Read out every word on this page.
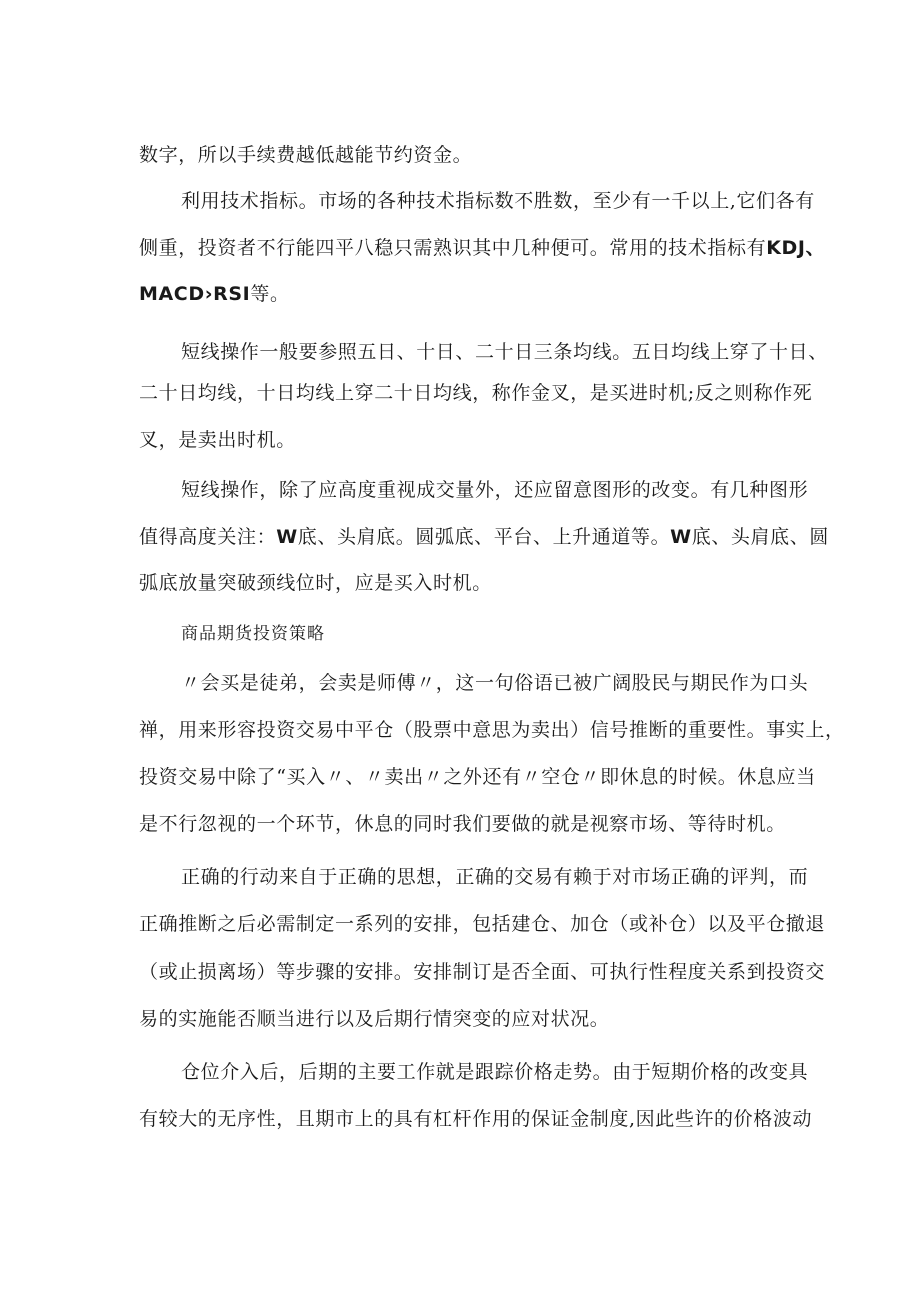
数字，所以手续费越低越能节约资金。
利用技术指标。市场的各种技术指标数不胜数，至少有一千以上,它们各有
侧重，投资者不行能四平八稳只需熟识其中几种便可。常用的技术指标有KDJ、
MACD›RSI等。
短线操作一般要参照五日、十日、二十日三条均线。五日均线上穿了十日、
二十日均线，十日均线上穿二十日均线，称作金叉，是买进时机;反之则称作死
叉，是卖出时机。
短线操作，除了应高度重视成交量外，还应留意图形的改变。有几种图形
值得高度关注：W底、头肩底。圆弧底、平台、上升通道等。W底、头肩底、圆
弧底放量突破颈线位时，应是买入时机。
商品期货投资策略
〃会买是徒弟，会卖是师傅〃，这一句俗语已被广阔股民与期民作为口头
禅，用来形容投资交易中平仓（股票中意思为卖出）信号推断的重要性。事实上，
投资交易中除了“买入〃、〃卖出〃之外还有〃空仓〃即休息的时候。休息应当
是不行忽视的一个环节，休息的同时我们要做的就是视察市场、等待时机。
正确的行动来自于正确的思想，正确的交易有赖于对市场正确的评判，而
正确推断之后必需制定一系列的安排，包括建仓、加仓（或补仓）以及平仓撤退
（或止损离场）等步骤的安排。安排制订是否全面、可执行性程度关系到投资交
易的实施能否顺当进行以及后期行情突变的应对状况。
仓位介入后，后期的主要工作就是跟踪价格走势。由于短期价格的改变具
有较大的无序性，且期市上的具有杠杆作用的保证金制度,因此些许的价格波动
